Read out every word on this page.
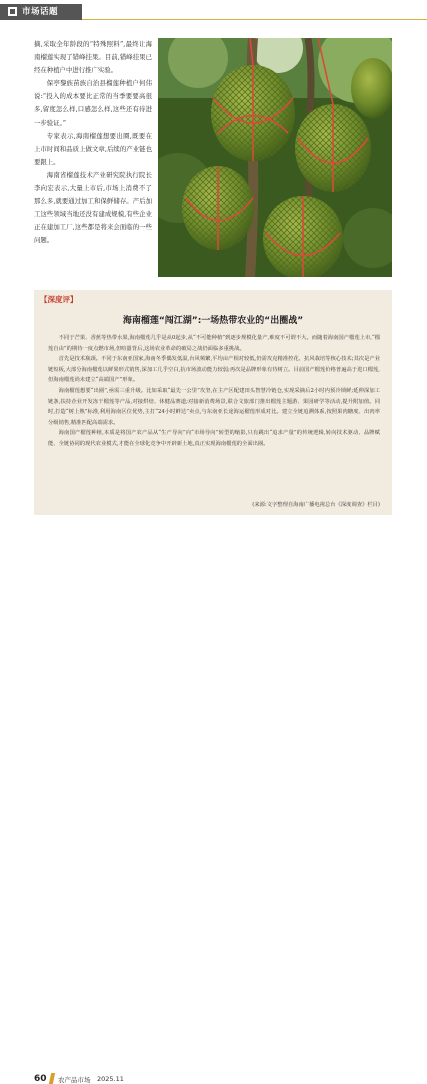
市场话题

摘,采取全年龄段的“特殊照料”,最终让海南榴莲实现了错峰挂果。目前,错峰挂果已经在种植户中进行推广实验。

保亭黎族苗族自治县榴莲种植户何伟说:“投入的成本要比正常的当季要要高很多,留度怎么样,口感怎么样,这些还有待进一步验证。”

专家表示,海南榴莲想要出圈,既要在上市时间和品质上做文章,后续的产业链也要跟上。

海南省榴莲技术产业研究院执行院长李向宏表示,大量上市后,市场上消费不了那么多,就要通过加工和保鲜储存。产后加工这些领域当地还没有建成规模,有些企业正在建加工厂,这些都是将来会面临的一些问题。

【深度评】
海南榴莲“闯江湖”:一场热带农业的“出圈战”

不同于芒果、香蕉等热带水果,海南榴莲几乎是从0起步,从“不可能种植”到逐步规模化量产,难度不可谓不大。而随着海南国产榴莲上市,“榴莲自由”的期待一度点燃市场,但喧嚣背后,这场农业革命的破局之战仍面临多重挑战。

首先是技术瓶颈。不同于东南亚国家,海南冬季偶发低温,台风频繁,平均亩产相对较低,仍需攻克精准控花、抗风栽培等核心技术;其次是产业链短板,大部分海南榴莲以鲜果形式销售,深加工几乎空白,抗市场波动能力较弱;再次是品牌形象有待树立。目前国产榴莲价格普遍高于进口榴莲,但海南榴莲尚未建立“高端国产”形象。

海南榴莲想要“出圈”,亟需三重升级。比如采取“最先一公里”攻坚,在主产区配建田头智慧冷链仓,实现采摘后2小时内预冷锁鲜;延伸深加工链条,扶持企业开发冻干榴莲等产品,对接烘焙、休健品赛道;对接新消费场景,联合文旅部门推出榴莲主题游、果园研学等活动,提升附加值。同时,打造“树上熟”标准,利用海南区位优势,主打“24小时鲜达”卖点,与东南亚长途海运榴莲形成对比。建立全链追溯体系,按照果肉糖度、出肉率分级销售,精准匹配高端需求。

海南国产榴莲种植,本质是将国产农产品从“生产导向”向“市场导向”转型的缩影,只有跳出“追求产量”的传统逻辑,转向技术驱动、品牌赋能、全链协同的现代农业模式,才能在全球化竞争中开辟新土地,真正实现海南榴莲的全面出圈。

(来源:文字整理自海南广播电视总台《深度调查》栏目)
60 农产品市场 2025.11
